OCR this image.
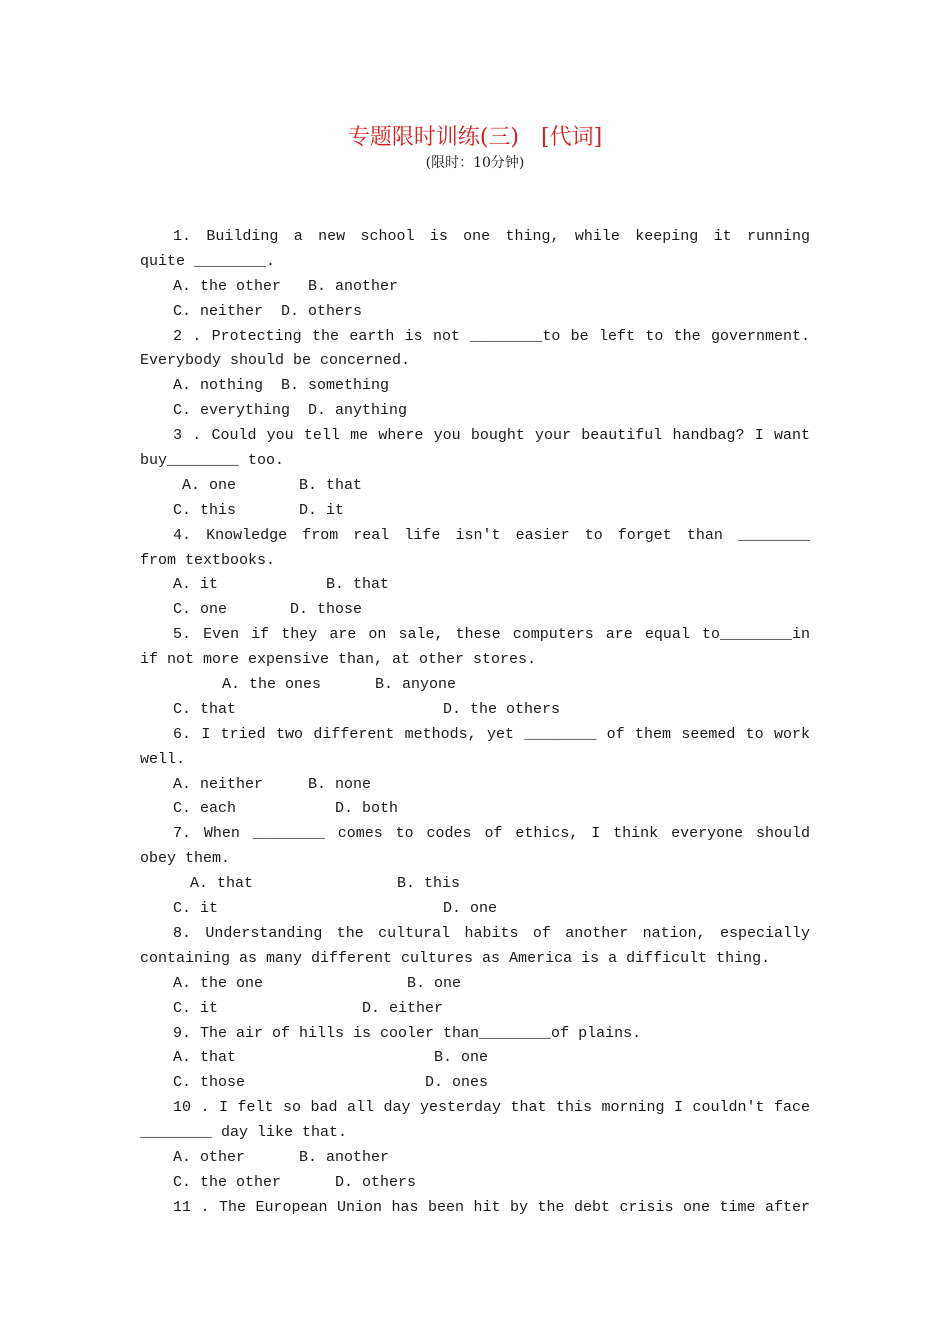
专题限时训练(三)　[代词]
(限时：10分钟)
1. Building a new school is one thing, while keeping it running
quite ________.
A. the other   B. another
C. neither  D. others
2 . Protecting the earth is not ________to be left to the government.
Everybody should be concerned.
A. nothing  B. something
C. everything  D. anything
3 . Could you tell me where you bought your beautiful handbag? I want
buy________ too.
A. one       B. that
C. this       D. it
4. Knowledge from real life isn't easier to forget than ________
from textbooks.
A. it            B. that
C. one       D. those
5. Even if they are on sale, these computers are equal to________in
if not more expensive than, at other stores.
A. the ones      B. anyone
C. that                       D. the others
6. I tried two different methods, yet ________ of them seemed to work
well.
A. neither     B. none
C. each           D. both
7. When ________ comes to codes of ethics, I think everyone should
obey them.
A. that                B. this
C. it                         D. one
8. Understanding the cultural habits of another nation, especially
containing as many different cultures as America is a difficult thing.
A. the one                B. one
C. it                D. either
9. The air of hills is cooler than________of plains.
A. that                      B. one
C. those                    D. ones
10 . I felt so bad all day yesterday that this morning I couldn't face
________ day like that.
A. other      B. another
C. the other      D. others
11 . The European Union has been hit by the debt crisis one time after
